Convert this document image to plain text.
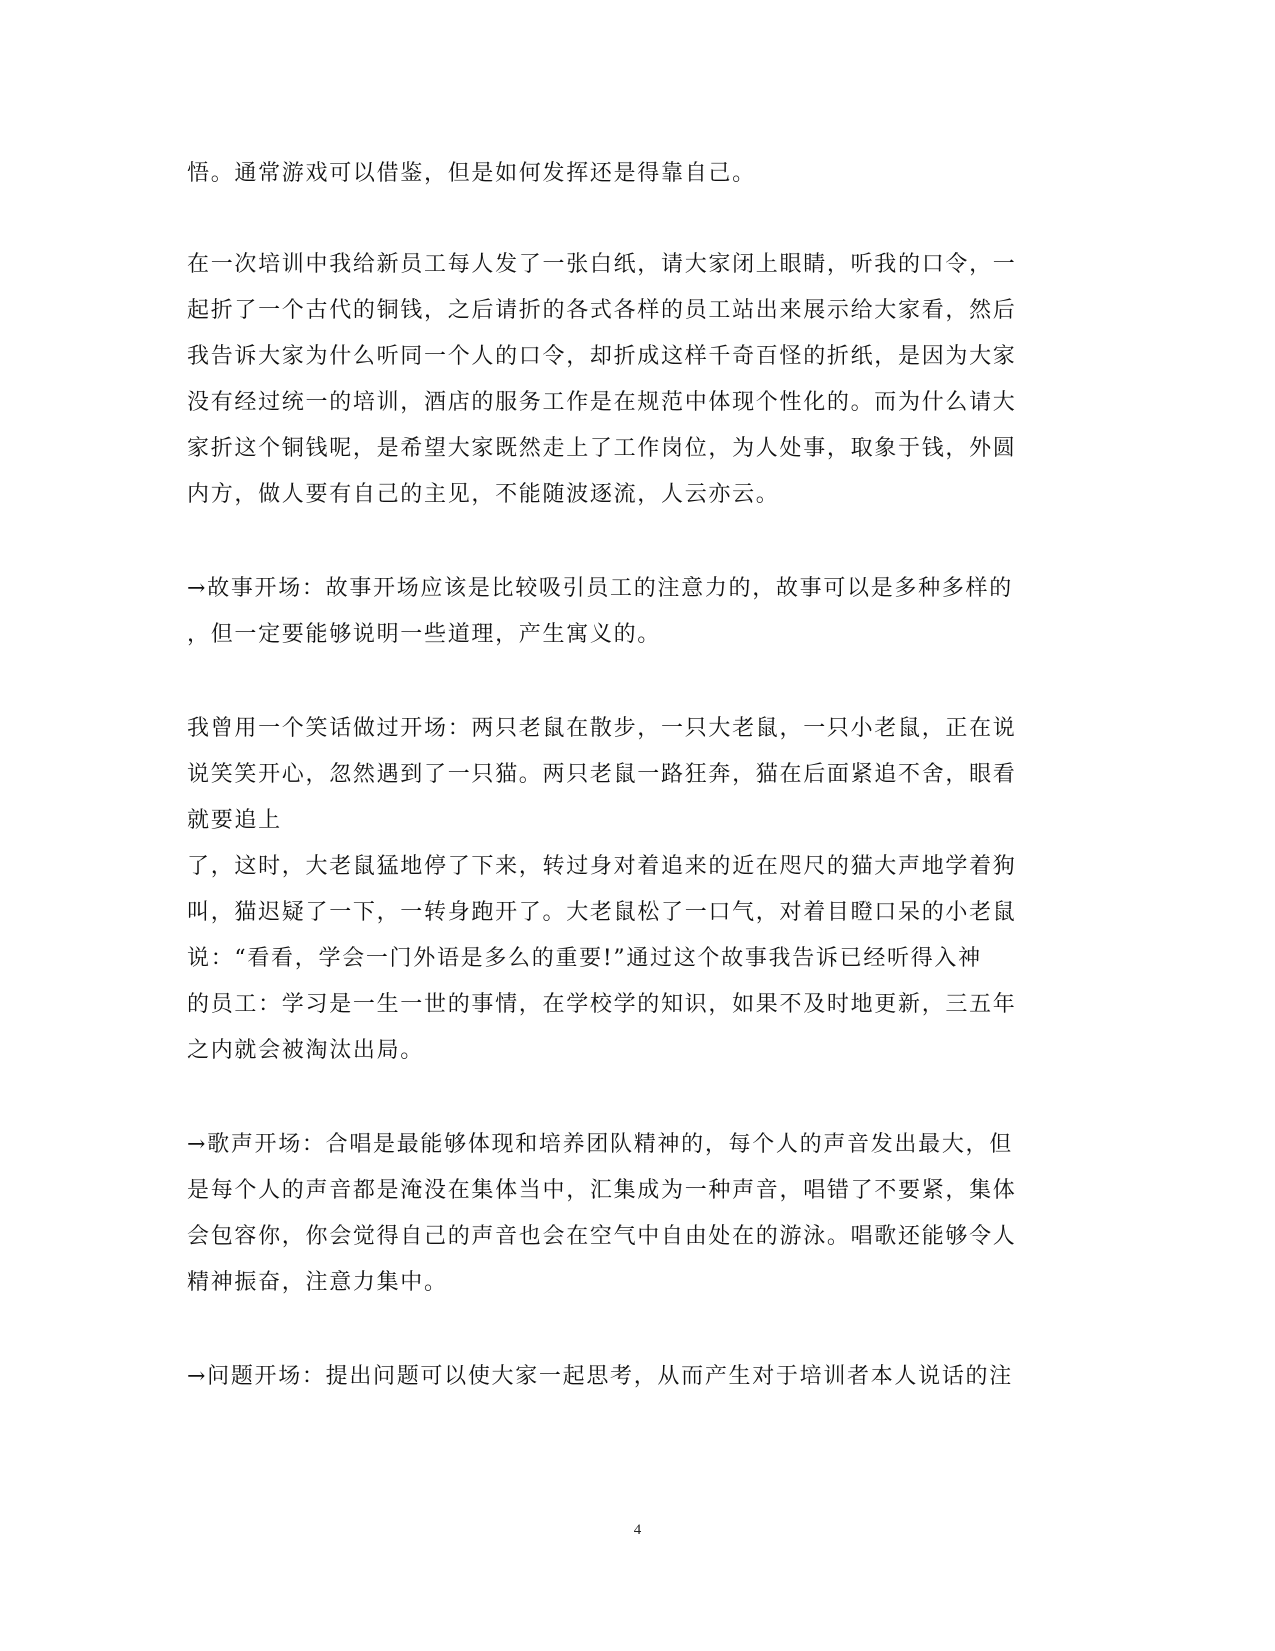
悟。通常游戏可以借鉴，但是如何发挥还是得靠自己。
在一次培训中我给新员工每人发了一张白纸，请大家闭上眼睛，听我的口令，一
起折了一个古代的铜钱，之后请折的各式各样的员工站出来展示给大家看，然后
我告诉大家为什么听同一个人的口令，却折成这样千奇百怪的折纸，是因为大家
没有经过统一的培训，酒店的服务工作是在规范中体现个性化的。而为什么请大
家折这个铜钱呢，是希望大家既然走上了工作岗位，为人处事，取象于钱，外圆
内方，做人要有自己的主见，不能随波逐流，人云亦云。
→故事开场：故事开场应该是比较吸引员工的注意力的，故事可以是多种多样的
，但一定要能够说明一些道理，产生寓义的。
我曾用一个笑话做过开场：两只老鼠在散步，一只大老鼠，一只小老鼠，正在说
说笑笑开心，忽然遇到了一只猫。两只老鼠一路狂奔，猫在后面紧追不舍，眼看
就要追上
了，这时，大老鼠猛地停了下来，转过身对着追来的近在咫尺的猫大声地学着狗
叫，猫迟疑了一下，一转身跑开了。大老鼠松了一口气，对着目瞪口呆的小老鼠
说：“看看，学会一门外语是多么的重要!”通过这个故事我告诉已经听得入神
的员工：学习是一生一世的事情，在学校学的知识，如果不及时地更新，三五年
之内就会被淘汰出局。
→歌声开场：合唱是最能够体现和培养团队精神的，每个人的声音发出最大，但
是每个人的声音都是淹没在集体当中，汇集成为一种声音，唱错了不要紧，集体
会包容你，你会觉得自己的声音也会在空气中自由处在的游泳。唱歌还能够令人
精神振奋，注意力集中。
→问题开场：提出问题可以使大家一起思考，从而产生对于培训者本人说话的注
4
